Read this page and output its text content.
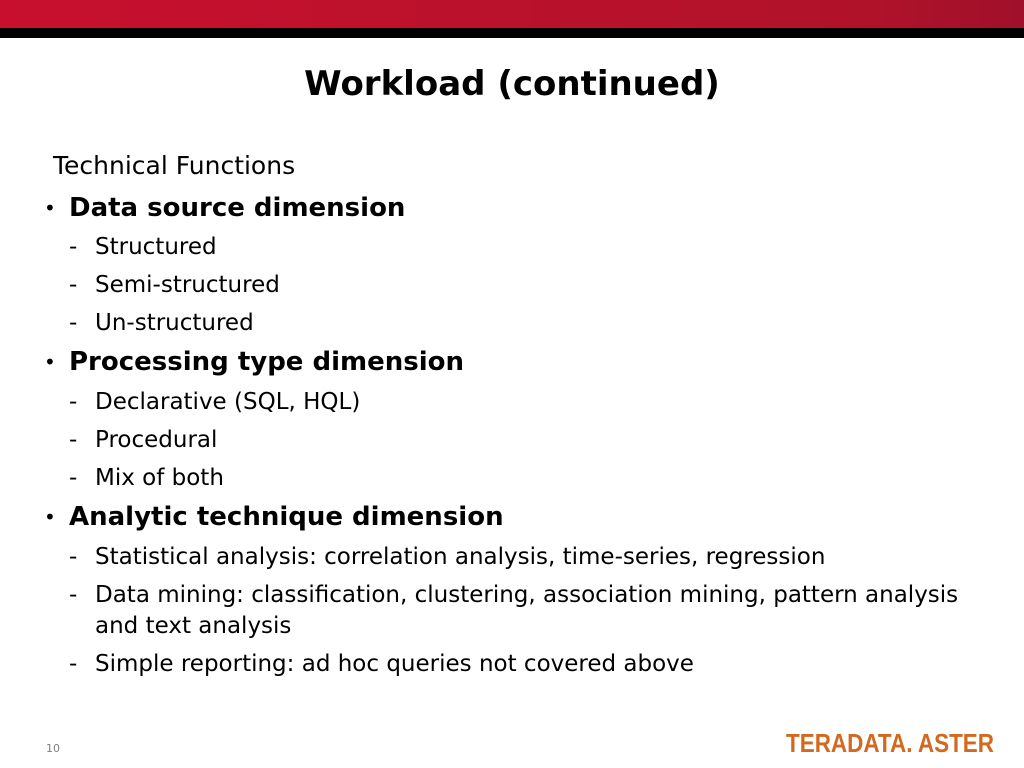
Workload (continued)
Technical Functions
• Data source dimension
- Structured
- Semi-structured
- Un-structured
• Processing type dimension
- Declarative (SQL, HQL)
- Procedural
- Mix of both
• Analytic technique dimension
- Statistical analysis: correlation analysis, time-series, regression
- Data mining: classification, clustering, association mining, pattern analysis and text analysis
- Simple reporting: ad hoc queries not covered above
10	TERADATA. ASTER
